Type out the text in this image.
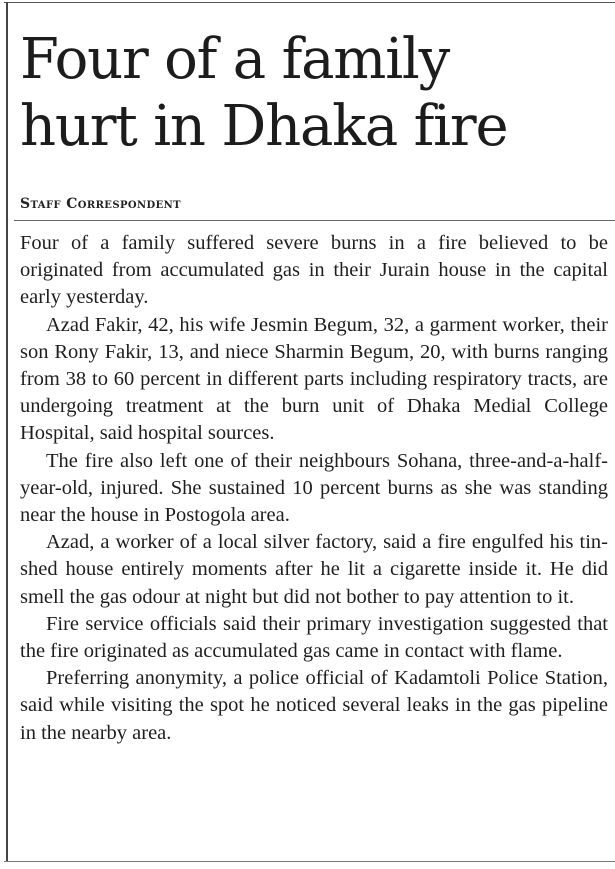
Four of a family
hurt in Dhaka fire
Staff Correspondent

Four of a family suffered severe burns in a fire believed to be originated from accumulated gas in their Jurain house in the capital early yesterday.

Azad Fakir, 42, his wife Jesmin Begum, 32, a garment worker, their son Rony Fakir, 13, and niece Sharmin Begum, 20, with burns ranging from 38 to 60 percent in different parts including respiratory tracts, are undergoing treatment at the burn unit of Dhaka Medial College Hospital, said hospital sources.

The fire also left one of their neighbours Sohana, three-and-a-half-year-old, injured. She sustained 10 percent burns as she was standing near the house in Postogola area.

Azad, a worker of a local silver factory, said a fire engulfed his tin-shed house entirely moments after he lit a cigarette inside it. He did smell the gas odour at night but did not bother to pay attention to it.

Fire service officials said their primary investigation suggested that the fire originated as accumulated gas came in contact with flame.

Preferring anonymity, a police official of Kadamtoli Police Station, said while visiting the spot he noticed several leaks in the gas pipeline in the nearby area.
